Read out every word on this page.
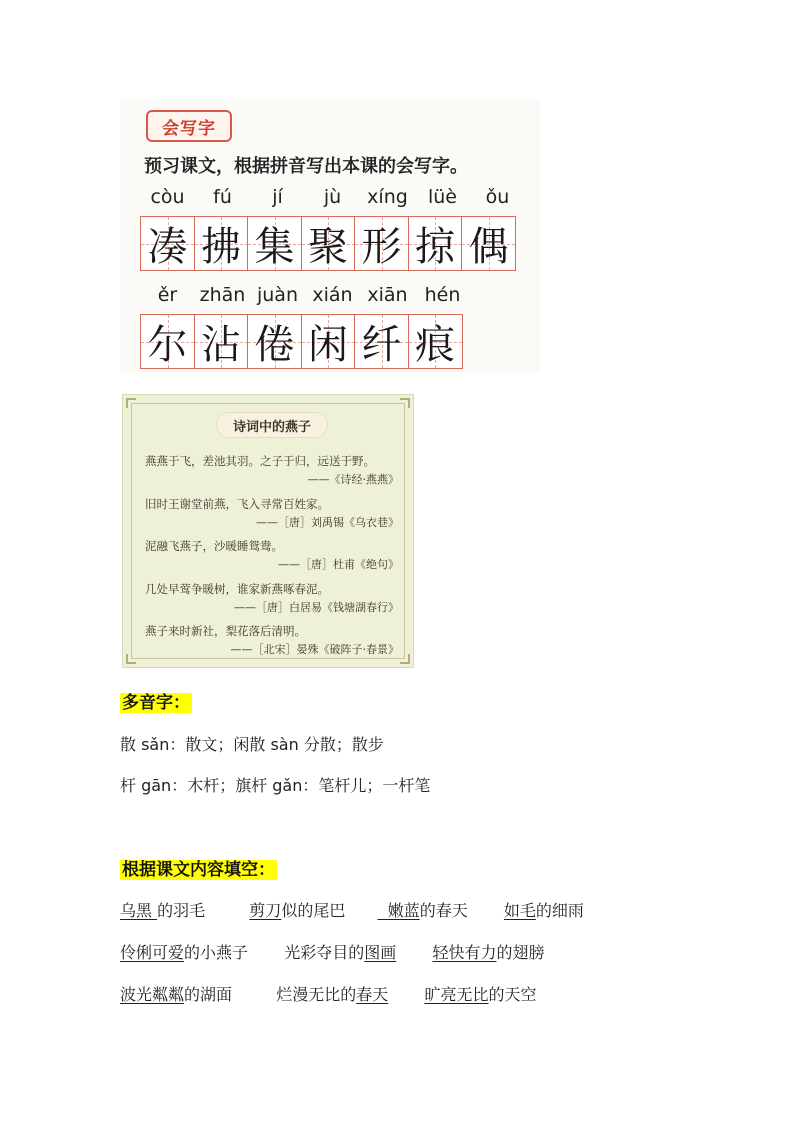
会写字
预习课文，根据拼音写出本课的会写字。
còu	fú	jí	jù	xíng	lüè	ǒu
凑 拂 集 聚 形 掠 偶
ěr	zhān juàn xián xiān hén
尔 沾 倦 闲 纤 痕
诗词中的燕子
燕燕于飞，差池其羽。之子于归，远送于野。
——《诗经·燕燕》
旧时王谢堂前燕，飞入寻常百姓家。
——［唐］刘禹锡《乌衣巷》
泥融飞燕子，沙暖睡鸳鸯。
——［唐］杜甫《绝句》
几处早莺争暖树，谁家新燕啄春泥。
——［唐］白居易《钱塘湖春行》
燕子来时新社，梨花落后清明。
——［北宋］晏殊《破阵子·春景》
多音字：
散 sǎn：散文；闲散 sàn 分散；散步
杆 gān：木杆；旗杆 gǎn：笔杆儿；一杆笔
根据课文内容填空：
乌黑 的羽毛	剪刀似的尾巴    嫩蓝的春天 如毛的细雨
伶俐可爱的小燕子 光彩夺目的图画 轻快有力的翅膀
波光粼粼的湖面	烂漫无比的春天 旷亮无比的天空
